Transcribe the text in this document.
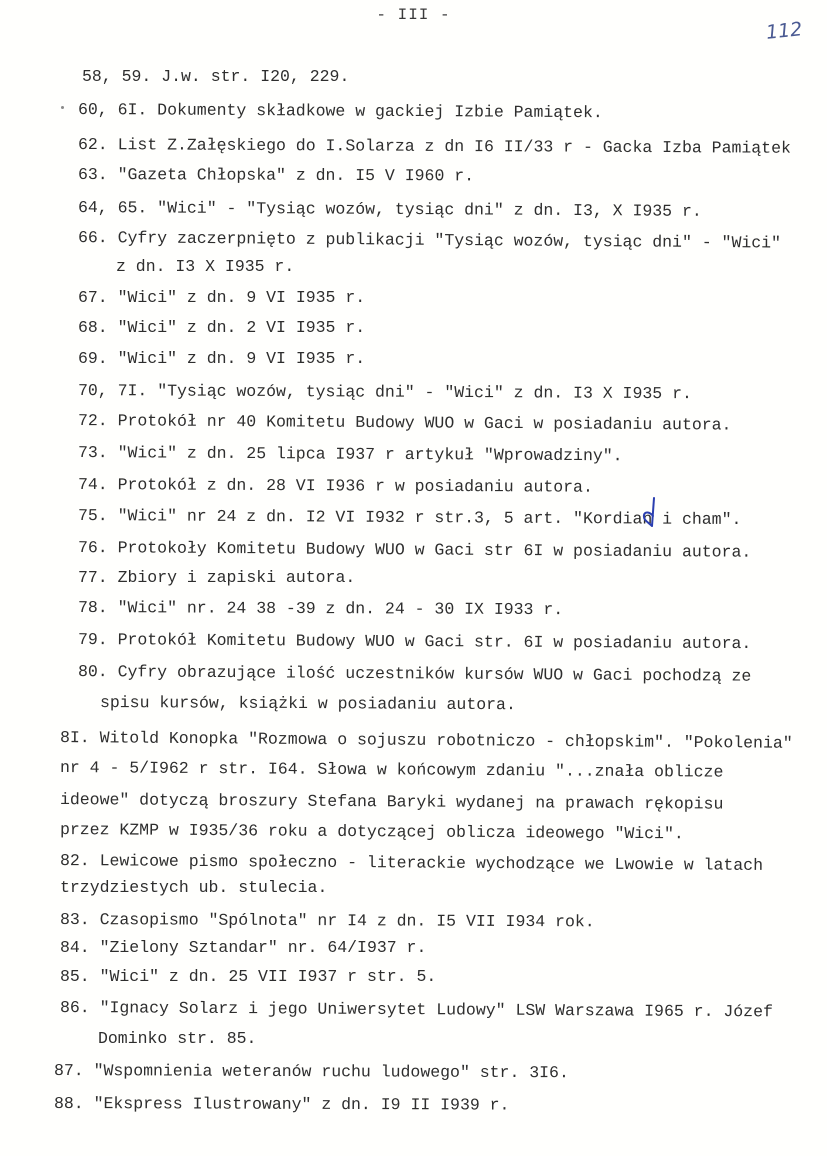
- III -
112
58, 59. J.w. str. I20, 229.
60, 6I. Dokumenty składkowe w gackiej Izbie Pamiątek.
62. List Z.Załęskiego do I.Solarza z dn I6 II/33 r - Gacka Izba Pamiątek
63. "Gazeta Chłopska" z dn. I5 V I960 r.
64, 65. "Wici" - "Tysiąc wozów, tysiąc dni" z dn. I3, X I935 r.
66. Cyfry zaczerpnięto z publikacji "Tysiąc wozów, tysiąc dni" - "Wici"
z dn. I3 X I935 r.
67. "Wici" z dn. 9 VI I935 r.
68. "Wici" z dn. 2 VI I935 r.
69. "Wici" z dn. 9 VI I935 r.
70, 7I. "Tysiąc wozów, tysiąc dni" - "Wici" z dn. I3 X I935 r.
72. Protokół nr 40 Komitetu Budowy WUO w Gaci w posiadaniu autora.
73. "Wici" z dn. 25 lipca I937 r artykuł "Wprowadziny".
74. Protokół z dn. 28 VI I936 r w posiadaniu autora.
75. "Wici" nr 24 z dn. I2 VI I932 r str.3, 5 art. "Kordian i cham".
76. Protokoły Komitetu Budowy WUO w Gaci str 6I w posiadaniu autora.
77. Zbiory i zapiski autora.
78. "Wici" nr. 24 38 -39 z dn. 24 - 30 IX I933 r.
79. Protokół Komitetu Budowy WUO w Gaci str. 6I w posiadaniu autora.
80. Cyfry obrazujące ilość uczestników kursów WUO w Gaci pochodzą ze
spisu kursów, książki w posiadaniu autora.
8I. Witold Konopka "Rozmowa o sojuszu robotniczo - chłopskim". "Pokolenia"
nr 4 - 5/I962 r str. I64. Słowa w końcowym zdaniu "...znała oblicze
ideowe" dotyczą broszury Stefana Baryki wydanej na prawach rękopisu
przez KZMP w I935/36 roku a dotyczącej oblicza ideowego "Wici".
82. Lewicowe pismo społeczno - literackie wychodzące we Lwowie w latach
trzydziestych ub. stulecia.
83. Czasopismo "Spólnota" nr I4 z dn. I5 VII I934 rok.
84. "Zielony Sztandar" nr. 64/I937 r.
85. "Wici" z dn. 25 VII I937 r str. 5.
86. "Ignacy Solarz i jego Uniwersytet Ludowy" LSW Warszawa I965 r. Józef
Dominko str. 85.
87. "Wspomnienia weteranów ruchu ludowego" str. 3I6.
88. "Ekspress Ilustrowany" z dn. I9 II I939 r.
